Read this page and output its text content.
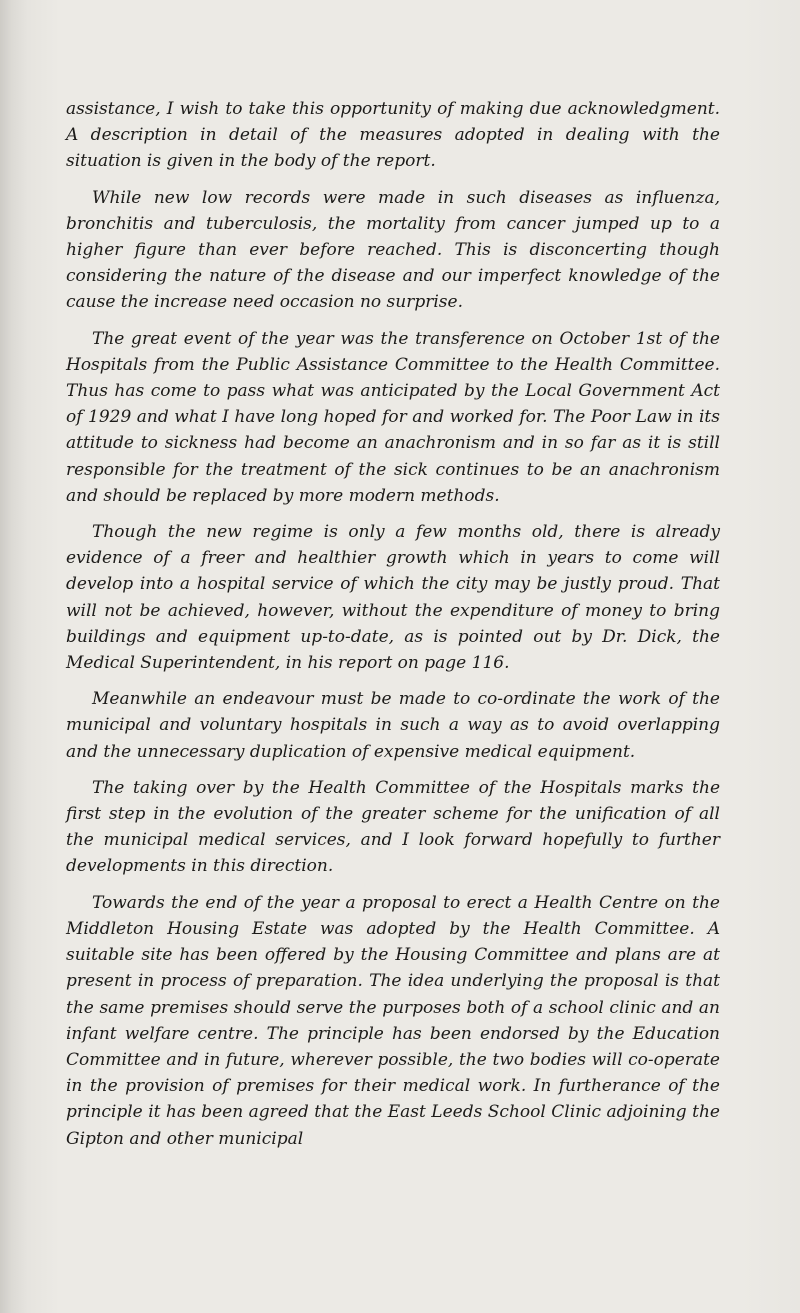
assistance, I wish to take this opportunity of making due acknowledgment. A description in detail of the measures adopted in dealing with the situation is given in the body of the report.

While new low records were made in such diseases as influenza, bronchitis and tuberculosis, the mortality from cancer jumped up to a higher figure than ever before reached. This is disconcerting though considering the nature of the disease and our imperfect knowledge of the cause the increase need occasion no surprise.

The great event of the year was the transference on October 1st of the Hospitals from the Public Assistance Committee to the Health Committee. Thus has come to pass what was anticipated by the Local Government Act of 1929 and what I have long hoped for and worked for. The Poor Law in its attitude to sickness had become an anachronism and in so far as it is still responsible for the treatment of the sick continues to be an anachronism and should be replaced by more modern methods.

Though the new regime is only a few months old, there is already evidence of a freer and healthier growth which in years to come will develop into a hospital service of which the city may be justly proud. That will not be achieved, however, without the expenditure of money to bring buildings and equipment up-to-date, as is pointed out by Dr. Dick, the Medical Superintendent, in his report on page 116.

Meanwhile an endeavour must be made to co-ordinate the work of the municipal and voluntary hospitals in such a way as to avoid overlapping and the unnecessary duplication of expensive medical equipment.

The taking over by the Health Committee of the Hospitals marks the first step in the evolution of the greater scheme for the unification of all the municipal medical services, and I look forward hopefully to further developments in this direction.

Towards the end of the year a proposal to erect a Health Centre on the Middleton Housing Estate was adopted by the Health Committee. A suitable site has been offered by the Housing Committee and plans are at present in process of preparation. The idea underlying the proposal is that the same premises should serve the purposes both of a school clinic and an infant welfare centre. The principle has been endorsed by the Education Committee and in future, wherever possible, the two bodies will co-operate in the provision of premises for their medical work. In furtherance of the principle it has been agreed that the East Leeds School Clinic adjoining the Gipton and other municipal
